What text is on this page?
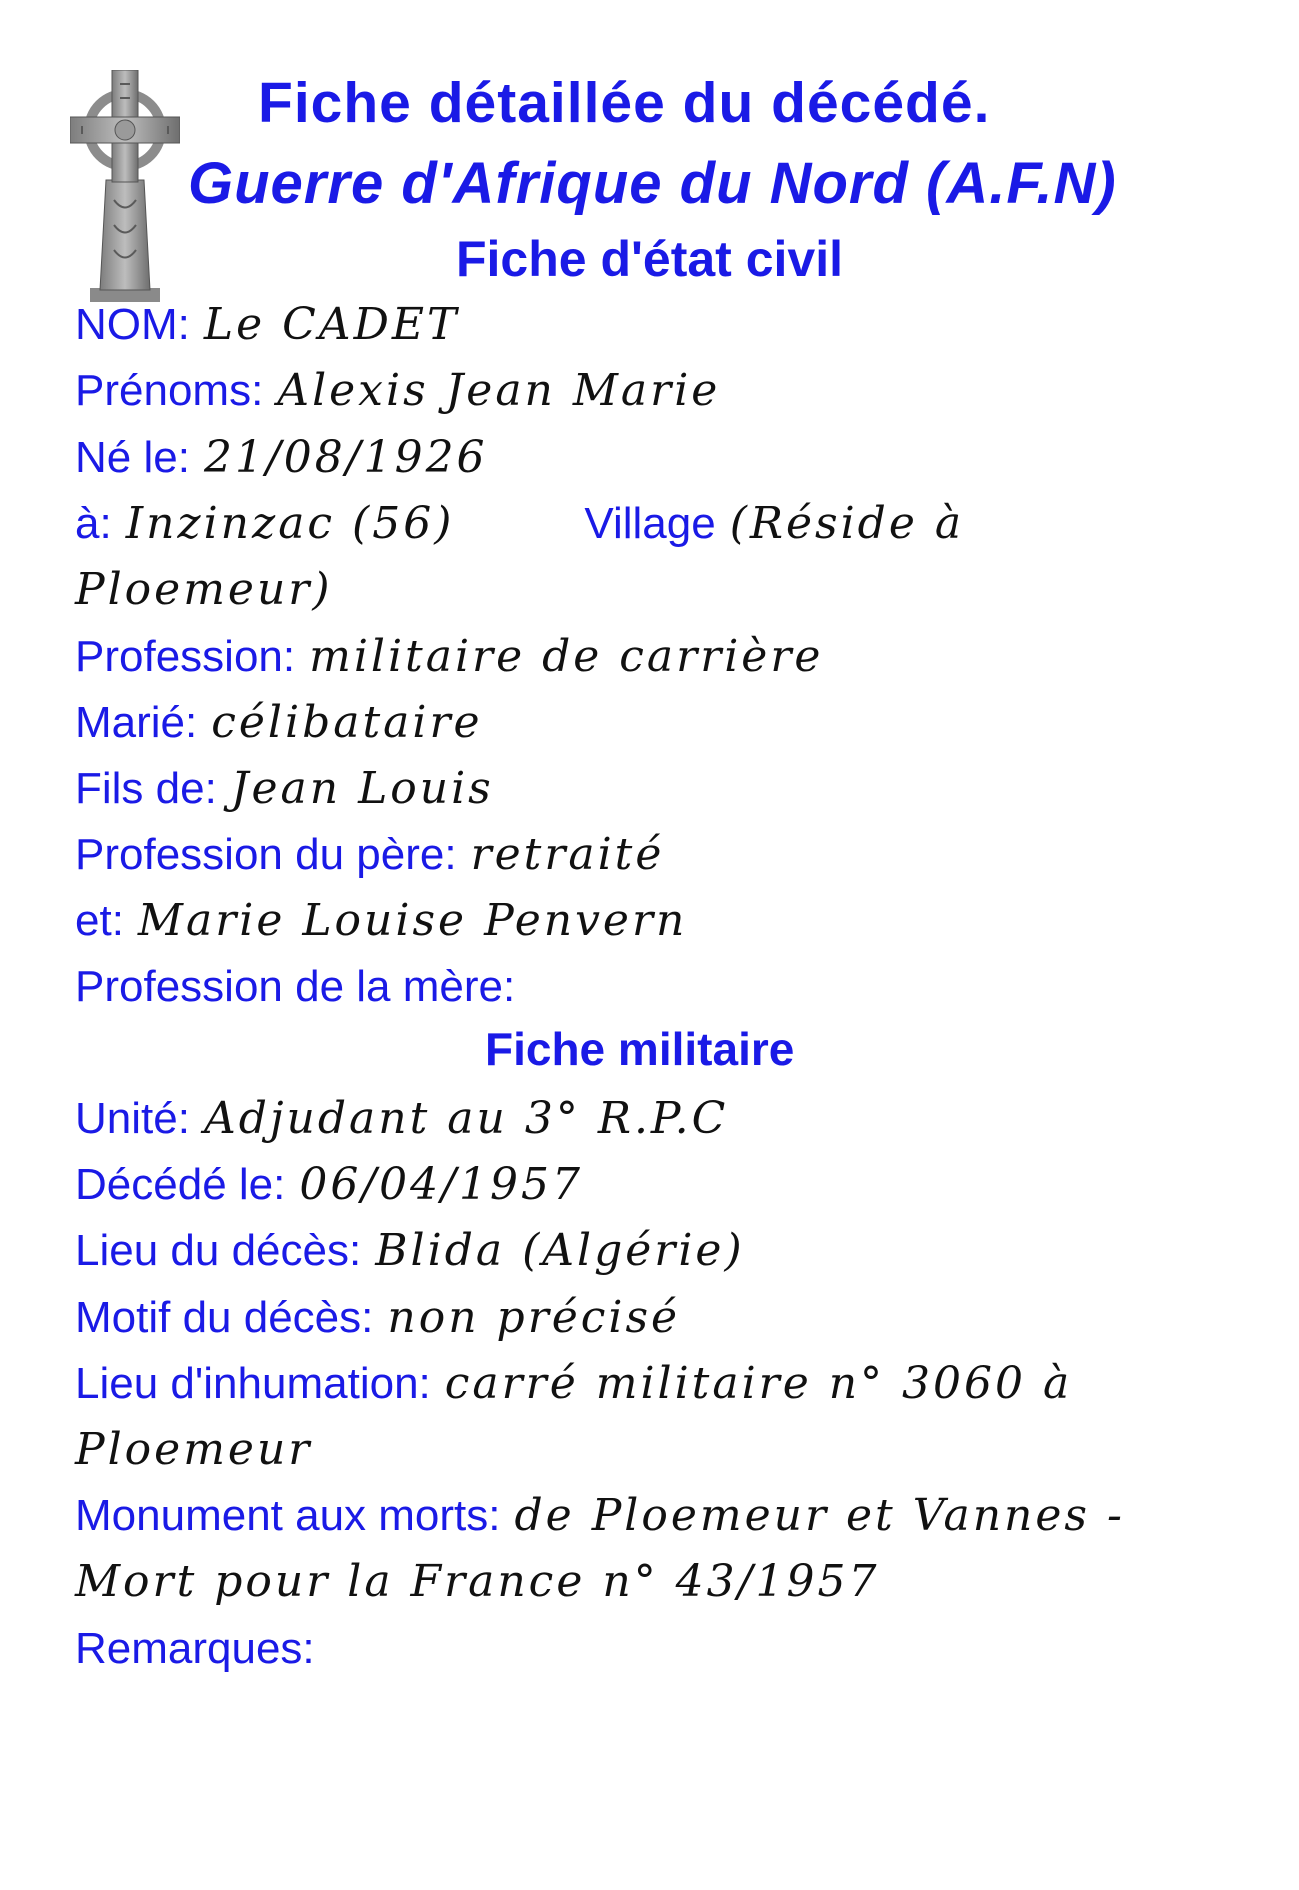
Fiche détaillée du décédé.
Guerre d'Afrique du Nord (A.F.N)
Fiche d'état civil
NOM: Le CADET
Prénoms: Alexis Jean Marie
Né le: 21/08/1926
à: Inzinzac (56)	Village (Réside à
Ploemeur)
Profession: militaire de carrière
Marié: célibataire
Fils de: Jean Louis
Profession du père: retraité
et: Marie Louise Penvern
Profession de la mère:
Fiche militaire
Unité: Adjudant au 3° R.P.C
Décédé le: 06/04/1957
Lieu du décès: Blida (Algérie)
Motif du décès: non précisé
Lieu d'inhumation: carré militaire n° 3060 à
Ploemeur
Monument aux morts: de Ploemeur et Vannes -
Mort pour la France n° 43/1957
Remarques:
